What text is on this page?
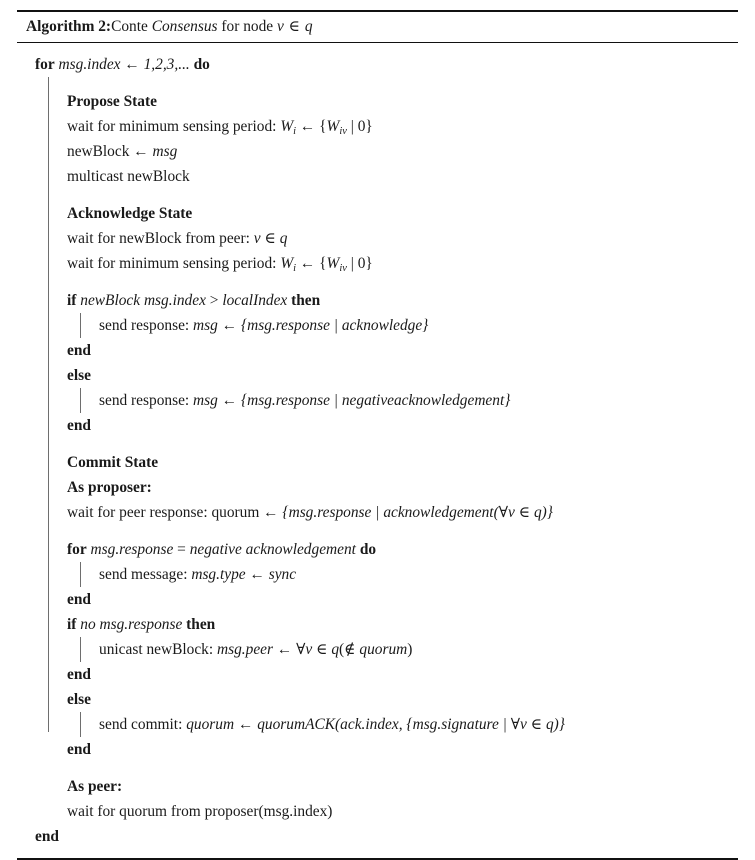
Algorithm 2:Conte Consensus for node v ∈ q
for msg.index ← 1,2,3,... do
Propose State
wait for minimum sensing period: $W_i$ ← {$W_{iv}$ | 0}
newBlock ← msg
multicast newBlock
Acknowledge State
wait for newBlock from peer: v ∈ q
wait for minimum sensing period: $W_i$ ← {$W_{iv}$ | 0}
if newBlock msg.index > localIndex then
send response: msg ← {msg.response | acknowledge}
end
else
send response: msg ← {msg.response | negativeacknowledgement}
end
Commit State
As proposer:
wait for peer response: quorum ← {msg.response | acknowledgement(∀v ∈ q)}
for msg.response = negative acknowledgement do
send message: msg.type ← sync
end
if no msg.response then
unicast newBlock: msg.peer ← ∀v ∈ q(∉ quorum)
end
else
send commit: quorum ← quorumACK(ack.index, {msg.signature | ∀v ∈ q)}
end
As peer:
wait for quorum from proposer(msg.index)
end
